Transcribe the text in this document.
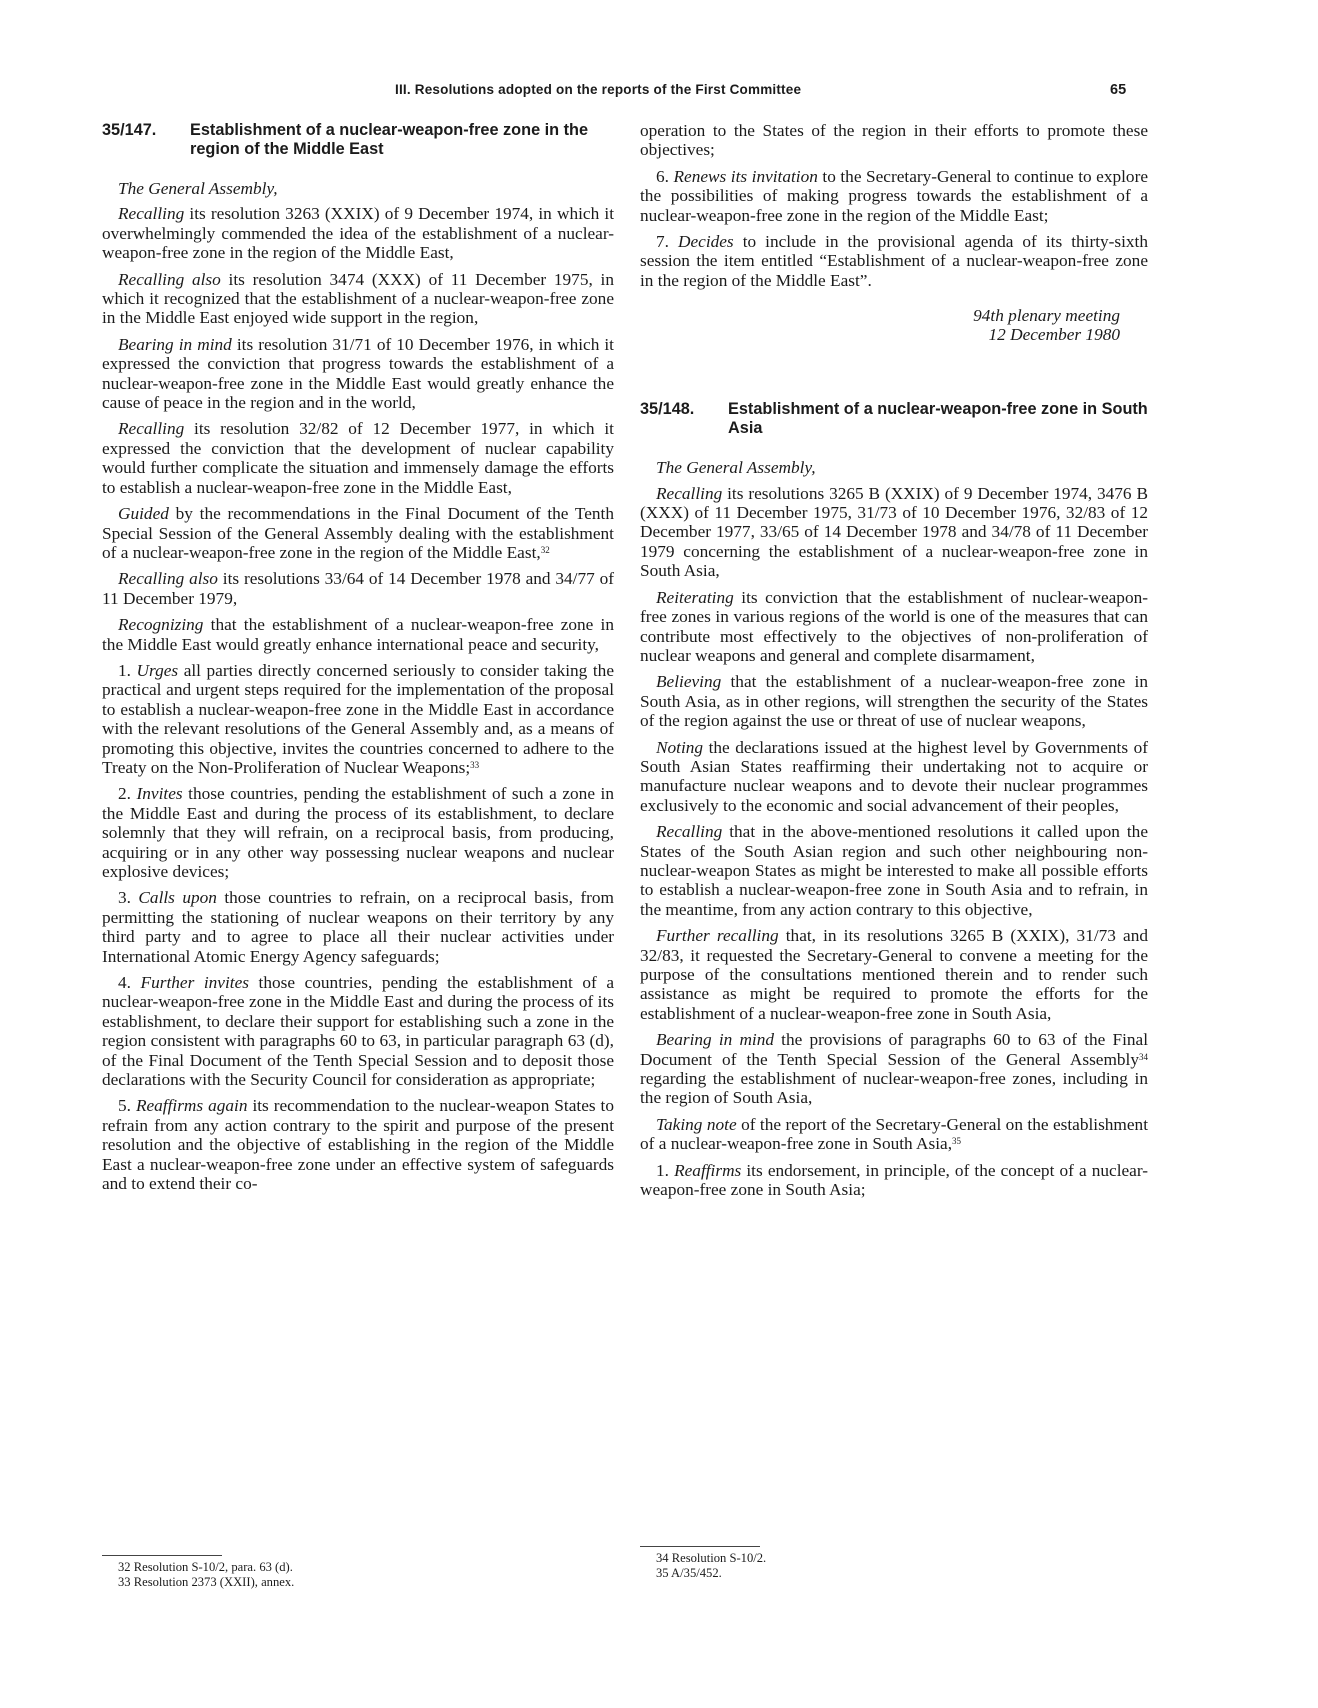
III. Resolutions adopted on the reports of the First Committee	65
35/147.	Establishment of a nuclear-weapon-free zone in the region of the Middle East
The General Assembly,

Recalling its resolution 3263 (XXIX) of 9 December 1974, in which it overwhelmingly commended the idea of the establishment of a nuclear-weapon-free zone in the region of the Middle East,

Recalling also its resolution 3474 (XXX) of 11 December 1975, in which it recognized that the establishment of a nuclear-weapon-free zone in the Middle East enjoyed wide support in the region,

Bearing in mind its resolution 31/71 of 10 December 1976, in which it expressed the conviction that progress towards the establishment of a nuclear-weapon-free zone in the Middle East would greatly enhance the cause of peace in the region and in the world,

Recalling its resolution 32/82 of 12 December 1977, in which it expressed the conviction that the development of nuclear capability would further complicate the situation and immensely damage the efforts to establish a nuclear-weapon-free zone in the Middle East,

Guided by the recommendations in the Final Document of the Tenth Special Session of the General Assembly dealing with the establishment of a nuclear-weapon-free zone in the region of the Middle East,$^{32}$

Recalling also its resolutions 33/64 of 14 December 1978 and 34/77 of 11 December 1979,

Recognizing that the establishment of a nuclear-weapon-free zone in the Middle East would greatly enhance international peace and security,

1. Urges all parties directly concerned seriously to consider taking the practical and urgent steps required for the implementation of the proposal to establish a nuclear-weapon-free zone in the Middle East in accordance with the relevant resolutions of the General Assembly and, as a means of promoting this objective, invites the countries concerned to adhere to the Treaty on the Non-Proliferation of Nuclear Weapons;$^{33}$

2. Invites those countries, pending the establishment of such a zone in the Middle East and during the process of its establishment, to declare solemnly that they will refrain, on a reciprocal basis, from producing, acquiring or in any other way possessing nuclear weapons and nuclear explosive devices;

3. Calls upon those countries to refrain, on a reciprocal basis, from permitting the stationing of nuclear weapons on their territory by any third party and to agree to place all their nuclear activities under International Atomic Energy Agency safeguards;

4. Further invites those countries, pending the establishment of a nuclear-weapon-free zone in the Middle East and during the process of its establishment, to declare their support for establishing such a zone in the region consistent with paragraphs 60 to 63, in particular paragraph 63 (d), of the Final Document of the Tenth Special Session and to deposit those declarations with the Security Council for consideration as appropriate;

5. Reaffirms again its recommendation to the nuclear-weapon States to refrain from any action contrary to the spirit and purpose of the present resolution and the objective of establishing in the region of the Middle East a nuclear-weapon-free zone under an effective system of safeguards and to extend their co-

operation to the States of the region in their efforts to promote these objectives;

6. Renews its invitation to the Secretary-General to continue to explore the possibilities of making progress towards the establishment of a nuclear-weapon-free zone in the region of the Middle East;

7. Decides to include in the provisional agenda of its thirty-sixth session the item entitled “Establishment of a nuclear-weapon-free zone in the region of the Middle East”.

94th plenary meeting
12 December 1980
35/148.	Establishment of a nuclear-weapon-free zone in South Asia
The General Assembly,

Recalling its resolutions 3265 B (XXIX) of 9 December 1974, 3476 B (XXX) of 11 December 1975, 31/73 of 10 December 1976, 32/83 of 12 December 1977, 33/65 of 14 December 1978 and 34/78 of 11 December 1979 concerning the establishment of a nuclear-weapon-free zone in South Asia,

Reiterating its conviction that the establishment of nuclear-weapon-free zones in various regions of the world is one of the measures that can contribute most effectively to the objectives of non-proliferation of nuclear weapons and general and complete disarmament,

Believing that the establishment of a nuclear-weapon-free zone in South Asia, as in other regions, will strengthen the security of the States of the region against the use or threat of use of nuclear weapons,

Noting the declarations issued at the highest level by Governments of South Asian States reaffirming their undertaking not to acquire or manufacture nuclear weapons and to devote their nuclear programmes exclusively to the economic and social advancement of their peoples,

Recalling that in the above-mentioned resolutions it called upon the States of the South Asian region and such other neighbouring non-nuclear-weapon States as might be interested to make all possible efforts to establish a nuclear-weapon-free zone in South Asia and to refrain, in the meantime, from any action contrary to this objective,

Further recalling that, in its resolutions 3265 B (XXIX), 31/73 and 32/83, it requested the Secretary-General to convene a meeting for the purpose of the consultations mentioned therein and to render such assistance as might be required to promote the efforts for the establishment of a nuclear-weapon-free zone in South Asia,

Bearing in mind the provisions of paragraphs 60 to 63 of the Final Document of the Tenth Special Session of the General Assembly$^{34}$ regarding the establishment of nuclear-weapon-free zones, including in the region of South Asia,

Taking note of the report of the Secretary-General on the establishment of a nuclear-weapon-free zone in South Asia,$^{35}$

1. Reaffirms its endorsement, in principle, of the concept of a nuclear-weapon-free zone in South Asia;

32 Resolution S-10/2, para. 63 (d).
33 Resolution 2373 (XXII), annex.
34 Resolution S-10/2.
35 A/35/452.
